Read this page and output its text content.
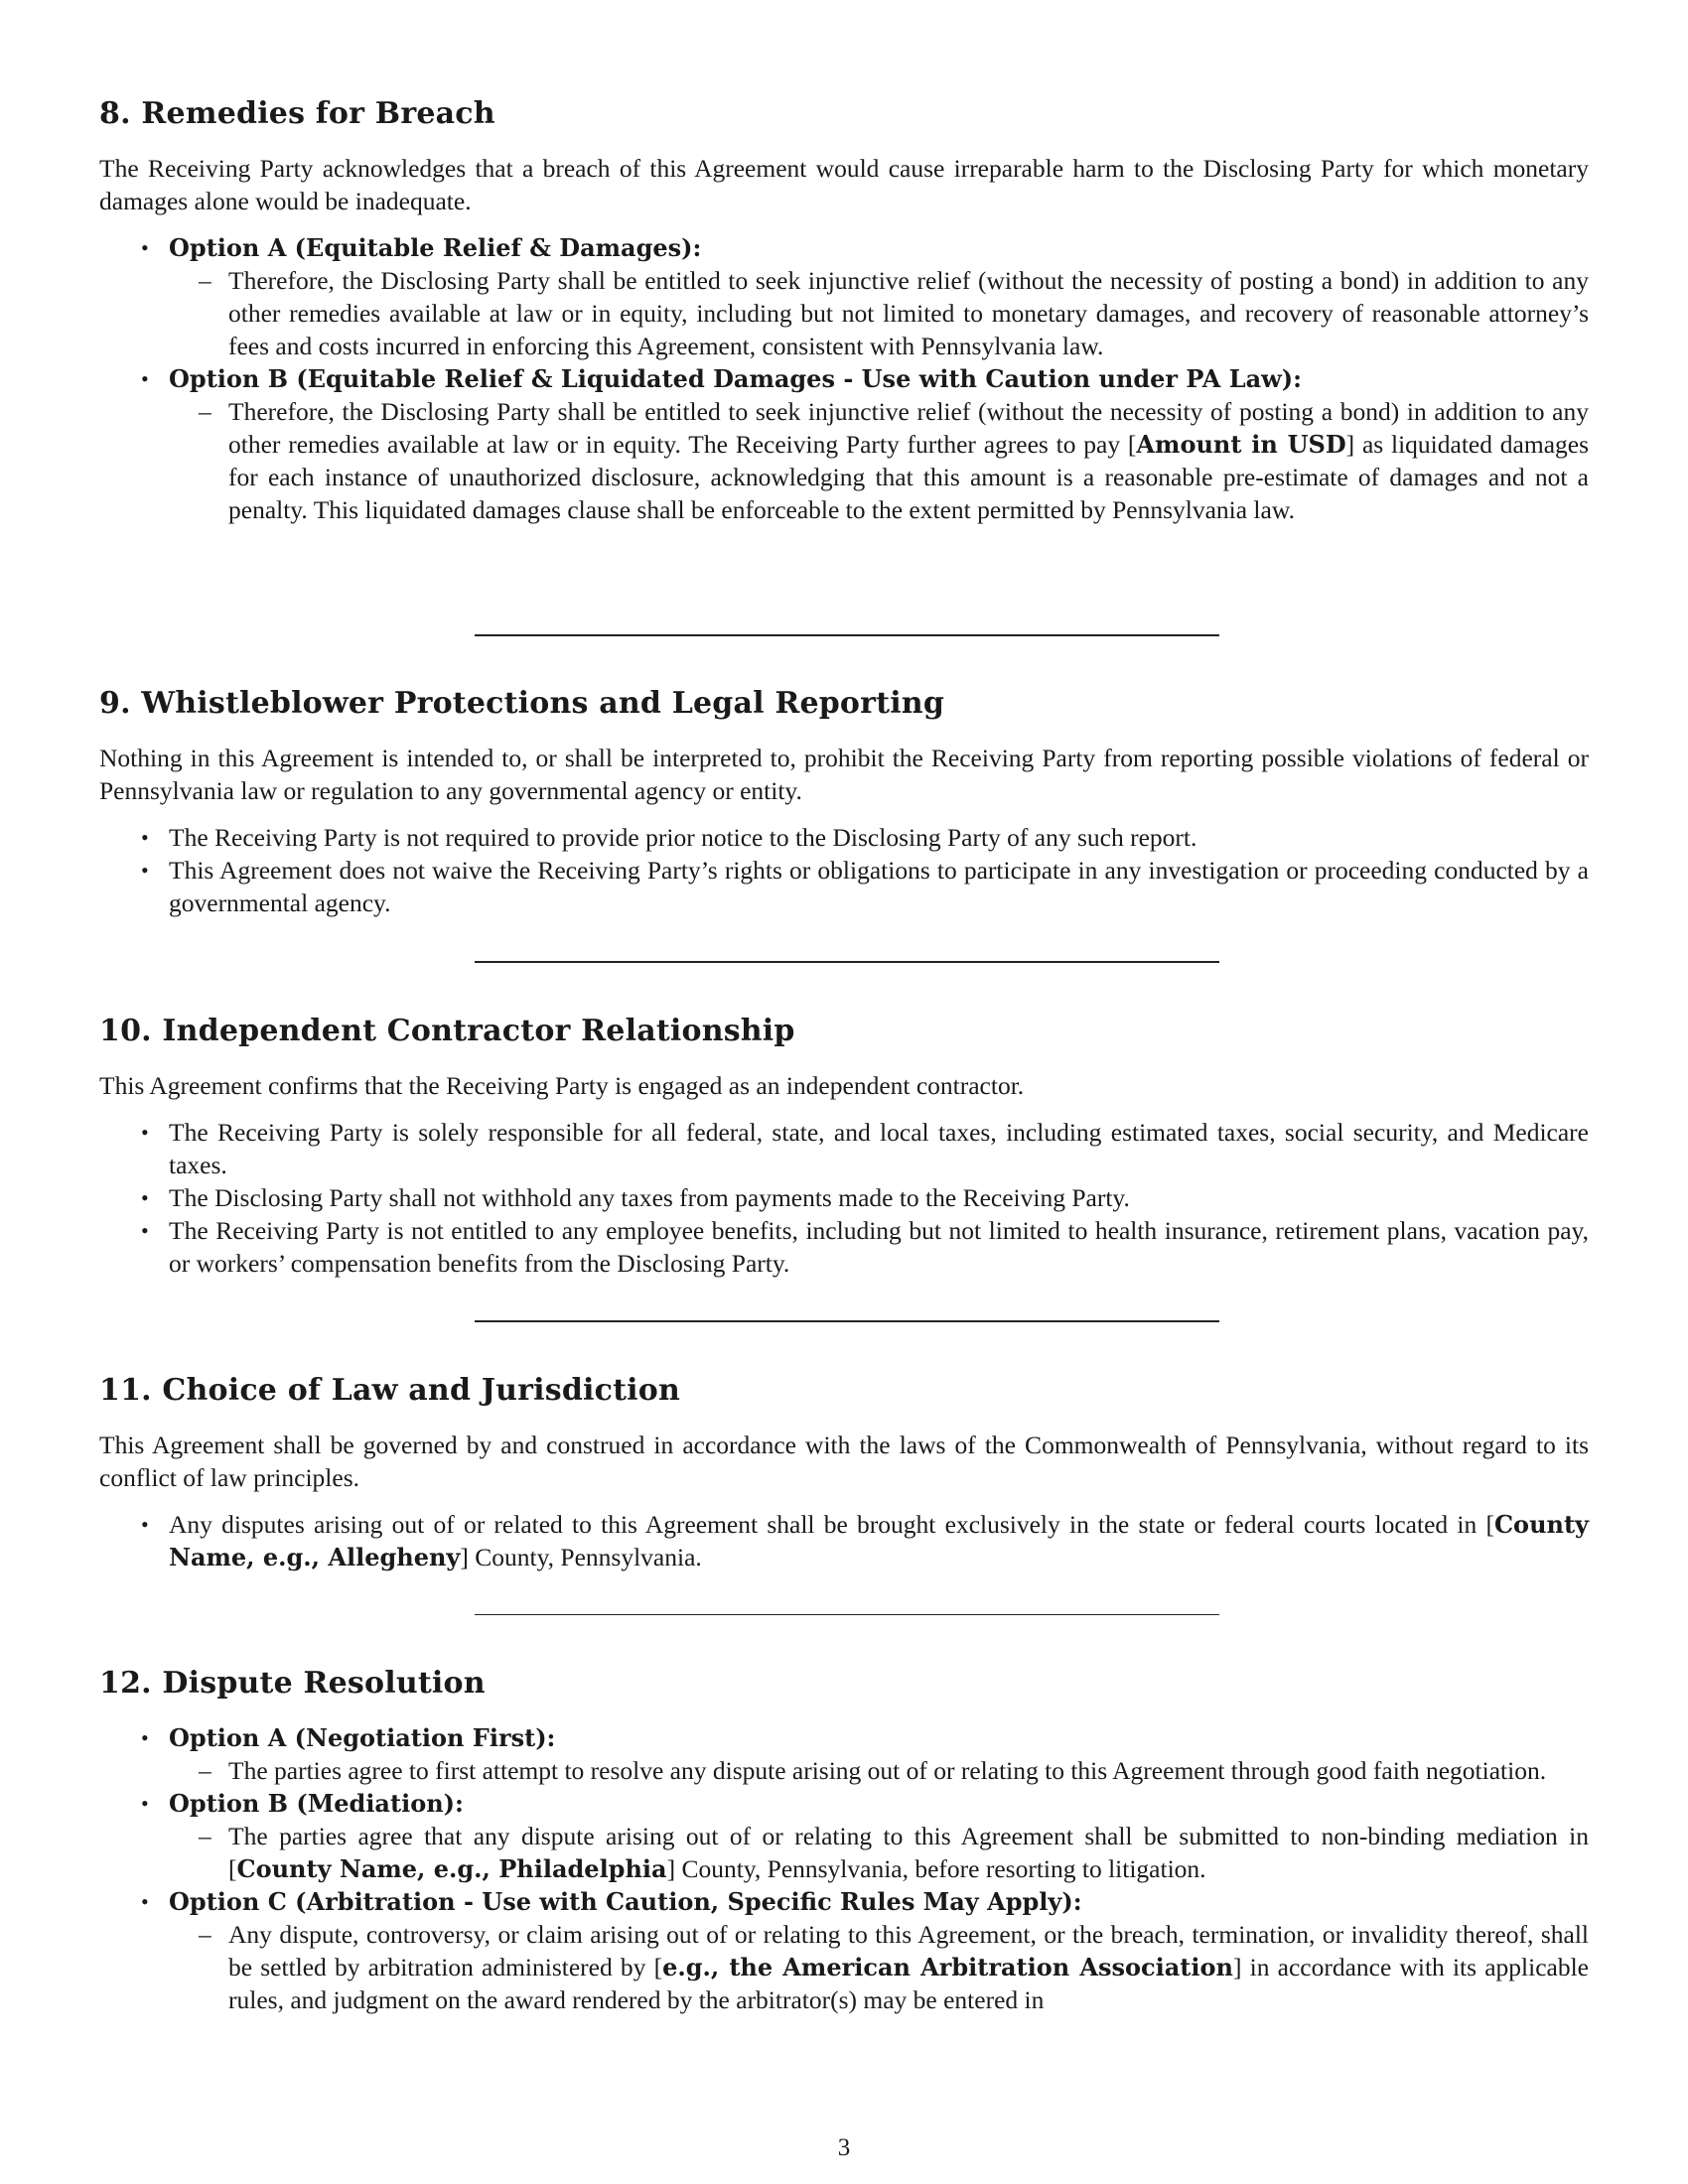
8. Remedies for Breach

The Receiving Party acknowledges that a breach of this Agreement would cause irreparable harm to the Disclosing Party for which monetary damages alone would be inadequate.

• Option A (Equitable Relief & Damages):
– Therefore, the Disclosing Party shall be entitled to seek injunctive relief (without the necessity of posting a bond) in addition to any other remedies available at law or in equity, including but not limited to monetary damages, and recovery of reasonable attorney’s fees and costs incurred in enforcing this Agreement, consistent with Pennsylvania law.
• Option B (Equitable Relief & Liquidated Damages - Use with Caution under PA Law):
– Therefore, the Disclosing Party shall be entitled to seek injunctive relief (without the necessity of posting a bond) in addition to any other remedies available at law or in equity. The Receiving Party further agrees to pay [Amount in USD] as liquidated damages for each instance of unauthorized disclosure, acknowledging that this amount is a reasonable pre-estimate of damages and not a penalty. This liquidated damages clause shall be enforceable to the extent permitted by Pennsylvania law.
9. Whistleblower Protections and Legal Reporting

Nothing in this Agreement is intended to, or shall be interpreted to, prohibit the Receiving Party from reporting possible violations of federal or Pennsylvania law or regulation to any governmental agency or entity.

• The Receiving Party is not required to provide prior notice to the Disclosing Party of any such report.
• This Agreement does not waive the Receiving Party’s rights or obligations to participate in any investigation or proceeding conducted by a governmental agency.
10. Independent Contractor Relationship

This Agreement confirms that the Receiving Party is engaged as an independent contractor.

• The Receiving Party is solely responsible for all federal, state, and local taxes, including estimated taxes, social security, and Medicare taxes.
• The Disclosing Party shall not withhold any taxes from payments made to the Receiving Party.
• The Receiving Party is not entitled to any employee benefits, including but not limited to health insurance, retirement plans, vacation pay, or workers’ compensation benefits from the Disclosing Party.
11. Choice of Law and Jurisdiction

This Agreement shall be governed by and construed in accordance with the laws of the Commonwealth of Pennsylvania, without regard to its conflict of law principles.

• Any disputes arising out of or related to this Agreement shall be brought exclusively in the state or federal courts located in [County Name, e.g., Allegheny] County, Pennsylvania.
12. Dispute Resolution
• Option A (Negotiation First):
– The parties agree to first attempt to resolve any dispute arising out of or relating to this Agreement through good faith negotiation.
• Option B (Mediation):
– The parties agree that any dispute arising out of or relating to this Agreement shall be submitted to non-binding mediation in [County Name, e.g., Philadelphia] County, Pennsylvania, before resorting to litigation.
• Option C (Arbitration - Use with Caution, Specific Rules May Apply):
– Any dispute, controversy, or claim arising out of or relating to this Agreement, or the breach, termination, or invalidity thereof, shall be settled by arbitration administered by [e.g., the American Arbitration Association] in accordance with its applicable rules, and judgment on the award rendered by the arbitrator(s) may be entered in
3
